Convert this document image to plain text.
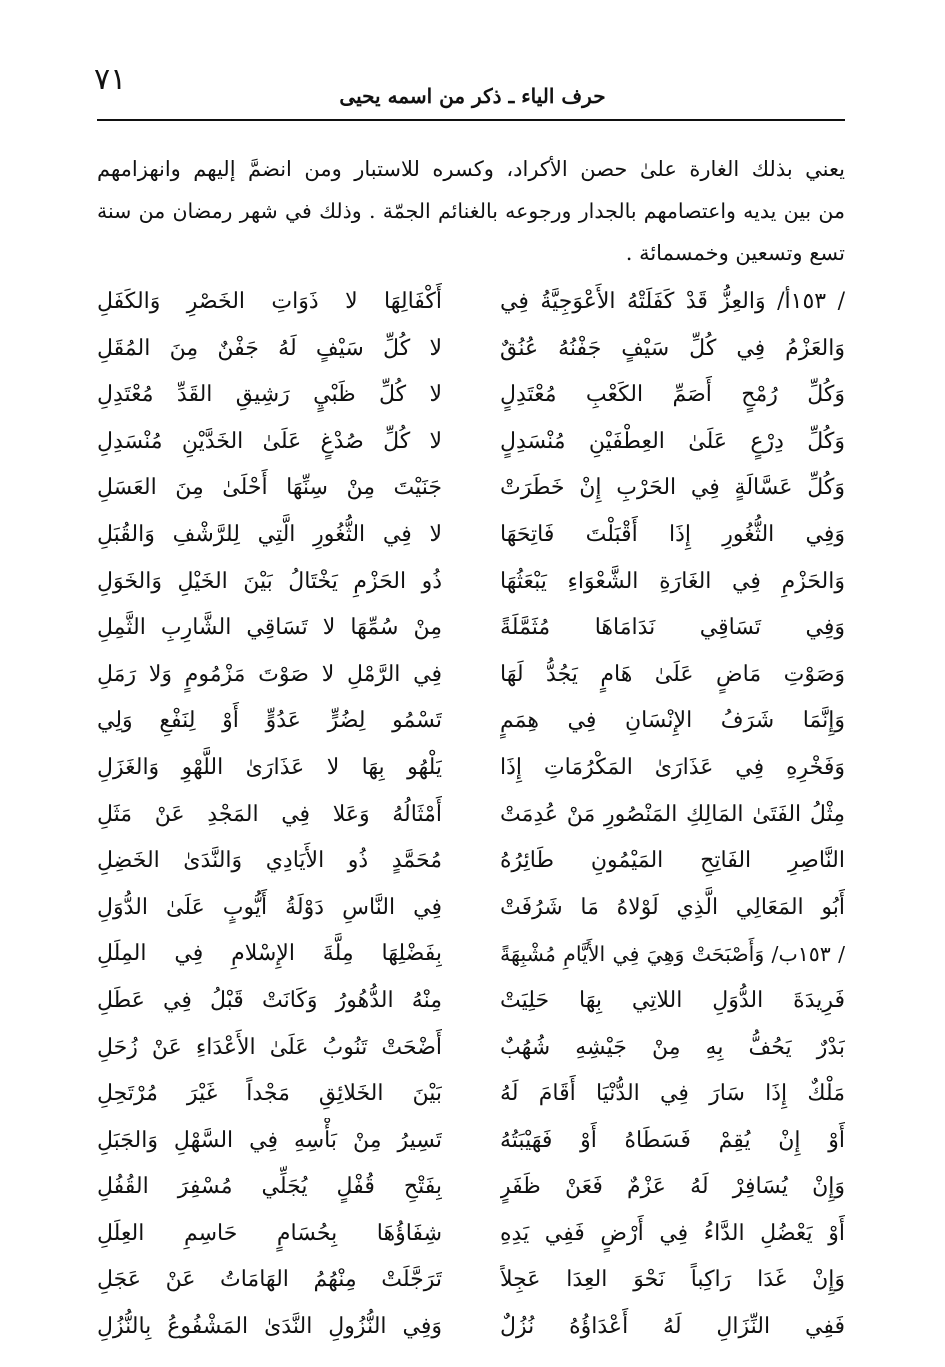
٧١	حرف الياء ـ ذكر من اسمه يحيى
يعني بذلك الغارة علىٰ حصن الأكراد، وكسره للاستبار ومن انضمَّ إليهم وانهزامهم
من بين يديه واعتصامهم بالجدار ورجوعه بالغنائم الجمّة . وذلك في شهر رمضان من سنة
تسع وتسعين وخمسمائة .
/ ١٥٣أ/ وَالعِزُّ قَدْ كَفَلَتْهُ الأَعْوَجِيَّةُ فِي
أَكْفَالِهَا لا ذَوَاتِ الخَصْرِ وَالكَفَلِ
وَالعَزْمُ فِي كُلِّ سَيْفٍ جَفْنُهُ عُنُقٌ
لا كُلِّ سَيْفٍ لَهُ جَفْنٌ مِنَ المُقَلِ
وَكُلِّ رُمْحٍ أَصَمِّ الكَعْبِ مُعْتَدِلٍ
لا كُلِّ ظَبْيٍ رَشِيقِ القَدِّ مُعْتَدِلِ
وَكُلِّ دِرْعٍ عَلَىٰ العِطْفَيْنِ مُنْسَدِلٍ
لا كُلِّ صُدْغٍ عَلَىٰ الخَدَّيْنِ مُنْسَدِلِ
وَكُلِّ عَسَّالَةٍ فِي الحَرْبِ إِنْ خَطَرَتْ
جَنَيْتَ مِنْ سِنِّهَا أَحْلَىٰ مِنَ العَسَلِ
وَفِي الثُّغُورِ إِذَا أَقْبَلْتَ فَاتِحَهَا
لا فِي الثُّغُورِ الَّتِي لِلرَّشْفِ وَالقُبَلِ
وَالحَزْمِ فِي الغَارَةِ الشَّعْوَاءِ يَبْعَثُهَا
ذُو الحَزْمِ يَخْتَالُ بَيْنَ الخَيْلِ وَالخَوَلِ
وَفِي تَسَاقِي نَدَامَاهَا مُثَمَّلَةً
مِنْ سُمِّهَا لا تَسَاقِي الشَّارِبِ الثَّمِلِ
وَصَوْتِ مَاضٍ عَلَىٰ هَامٍ يَجُدُّ لَهَا
فِي الرَّمْلِ لا صَوْتَ مَزْمُومٍ وَلا رَمَلِ
وَإِنَّمَا شَرَفُ الإِنْسَانِ فِي هِمَمٍ
تَسْمُو لِضُرٍّ عَدُوٍّ أَوْ لِنَفْعِ وَلِي
وَفَخْرِهِ فِي عَذَارَىٰ المَكْرُمَاتِ إِذَا
يَلْهُو بِهَا لا عَذَارَىٰ اللَّهْوِ وَالغَزَلِ
مِثْلُ الفَتَىٰ المَالِكِ المَنْصُورِ مَنْ عُدِمَتْ
أَمْثَالُهُ وَعَلا فِي المَجْدِ عَنْ مَثَلِ
النَّاصِرِ الفَاتِحِ المَيْمُونِ طَائِرُهُ
مُحَمَّدٍ ذُو الأَيَادِي وَالنَّدَىٰ الخَضِلِ
أَبُو المَعَالِي الَّذِي لَوْلاهُ مَا شَرُفَتْ
فِي النَّاسِ دَوْلَةُ أَيُّوبٍ عَلَىٰ الدُّوَلِ
/ ١٥٣ب/ وَأَصْبَحَتْ وَهِيَ فِي الأَيَّامِ مُشْبِهَةً
بِفَضْلِهَا مِلَّةَ الإِسْلامِ فِي المِلَلِ
فَرِيدَةَ الدُّوَلِ اللاتِي بِهَا حَلِيَتْ
مِنْهُ الدُّهُورُ وَكَانَتْ قَبْلُ فِي عَطَلِ
بَدْرٌ يَحُفُّ بِهِ مِنْ جَيْشِهِ شُهُبٌ
أَضْحَتْ تَنُوبُ عَلَىٰ الأَعْدَاءِ عَنْ زُحَلِ
مَلْكٌ إِذَا سَارَ فِي الدُّنْيَا أَقَامَ لَهُ
بَيْنَ الخَلائِقِ مَجْداً غَيْرَ مُرْتَحِلِ
أَوْ إِنْ يُقِمْ فَسَطَاهُ أَوْ فَهَيْبَتُهُ
تَسِيرُ مِنْ بَأْسِهِ فِي السَّهْلِ وَالجَبَلِ
وَإِنْ يُسَافِرْ لَهُ عَزْمٌ فَعَنْ ظَفَرٍ
بِفَتْحِ قُفْلٍ يُجَلِّي مُسْفِرَ القُفُلِ
أَوْ يَعْضُلِ الدَّاءُ فِي أَرْضٍ فَفِي يَدِهِ
شِفَاؤُهَا بِحُسَامٍ حَاسِمِ العِلَلِ
وَإِنْ غَدَا رَاكِباً نَحْوَ العِدَا عَجِلاً
تَرَجَّلَتْ مِنْهُمُ الهَامَاتُ عَنْ عَجَلِ
فَفِي النِّزَالِ لَهُ أَعْدَاؤُهُ نُزُلٌ
وَفِي النُّزُولِ النَّدَىٰ المَشْفُوعُ بِالنُّزُلِ
